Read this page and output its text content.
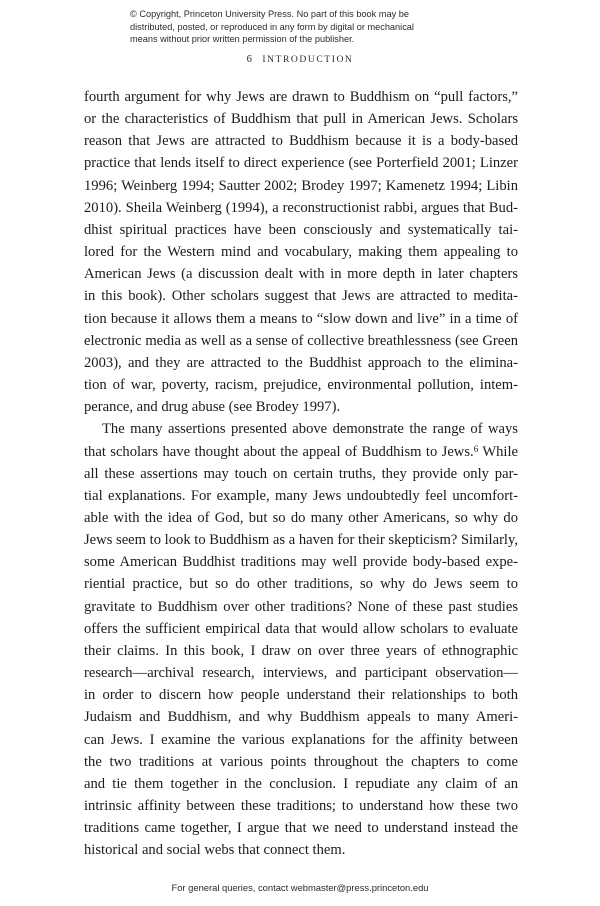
© Copyright, Princeton University Press. No part of this book may be
distributed, posted, or reproduced in any form by digital or mechanical
means without prior written permission of the publisher.
6 INTRODUCTION

fourth argument for why Jews are drawn to Buddhism on “pull factors,”
or the characteristics of Buddhism that pull in American Jews. Scholars
reason that Jews are attracted to Buddhism because it is a body-based
practice that lends itself to direct experience (see Porterfield 2001; Linzer
1996; Weinberg 1994; Sautter 2002; Brodey 1997; Kamenetz 1994; Libin
2010). Sheila Weinberg (1994), a reconstructionist rabbi, argues that Bud-
dhist spiritual practices have been consciously and systematically tai-
lored for the Western mind and vocabulary, making them appealing to
American Jews (a discussion dealt with in more depth in later chapters
in this book). Other scholars suggest that Jews are attracted to medita-
tion because it allows them a means to “slow down and live” in a time of
electronic media as well as a sense of collective breathlessness (see Green
2003), and they are attracted to the Buddhist approach to the elimina-
tion of war, poverty, racism, prejudice, environmental pollution, intem-
perance, and drug abuse (see Brodey 1997).

The many assertions presented above demonstrate the range of ways
that scholars have thought about the appeal of Buddhism to Jews.$^6$ While
all these assertions may touch on certain truths, they provide only par-
tial explanations. For example, many Jews undoubtedly feel uncomfort-
able with the idea of God, but so do many other Americans, so why do
Jews seem to look to Buddhism as a haven for their skepticism? Similarly,
some American Buddhist traditions may well provide body-based expe-
riential practice, but so do other traditions, so why do Jews seem to
gravitate to Buddhism over other traditions? None of these past studies
offers the sufficient empirical data that would allow scholars to evaluate
their claims. In this book, I draw on over three years of ethnographic
research—archival research, interviews, and participant observation—
in order to discern how people understand their relationships to both
Judaism and Buddhism, and why Buddhism appeals to many Ameri-
can Jews. I examine the various explanations for the affinity between
the two traditions at various points throughout the chapters to come
and tie them together in the conclusion. I repudiate any claim of an
intrinsic affinity between these traditions; to understand how these two
traditions came together, I argue that we need to understand instead the
historical and social webs that connect them.

For general queries, contact webmaster@press.princeton.edu
